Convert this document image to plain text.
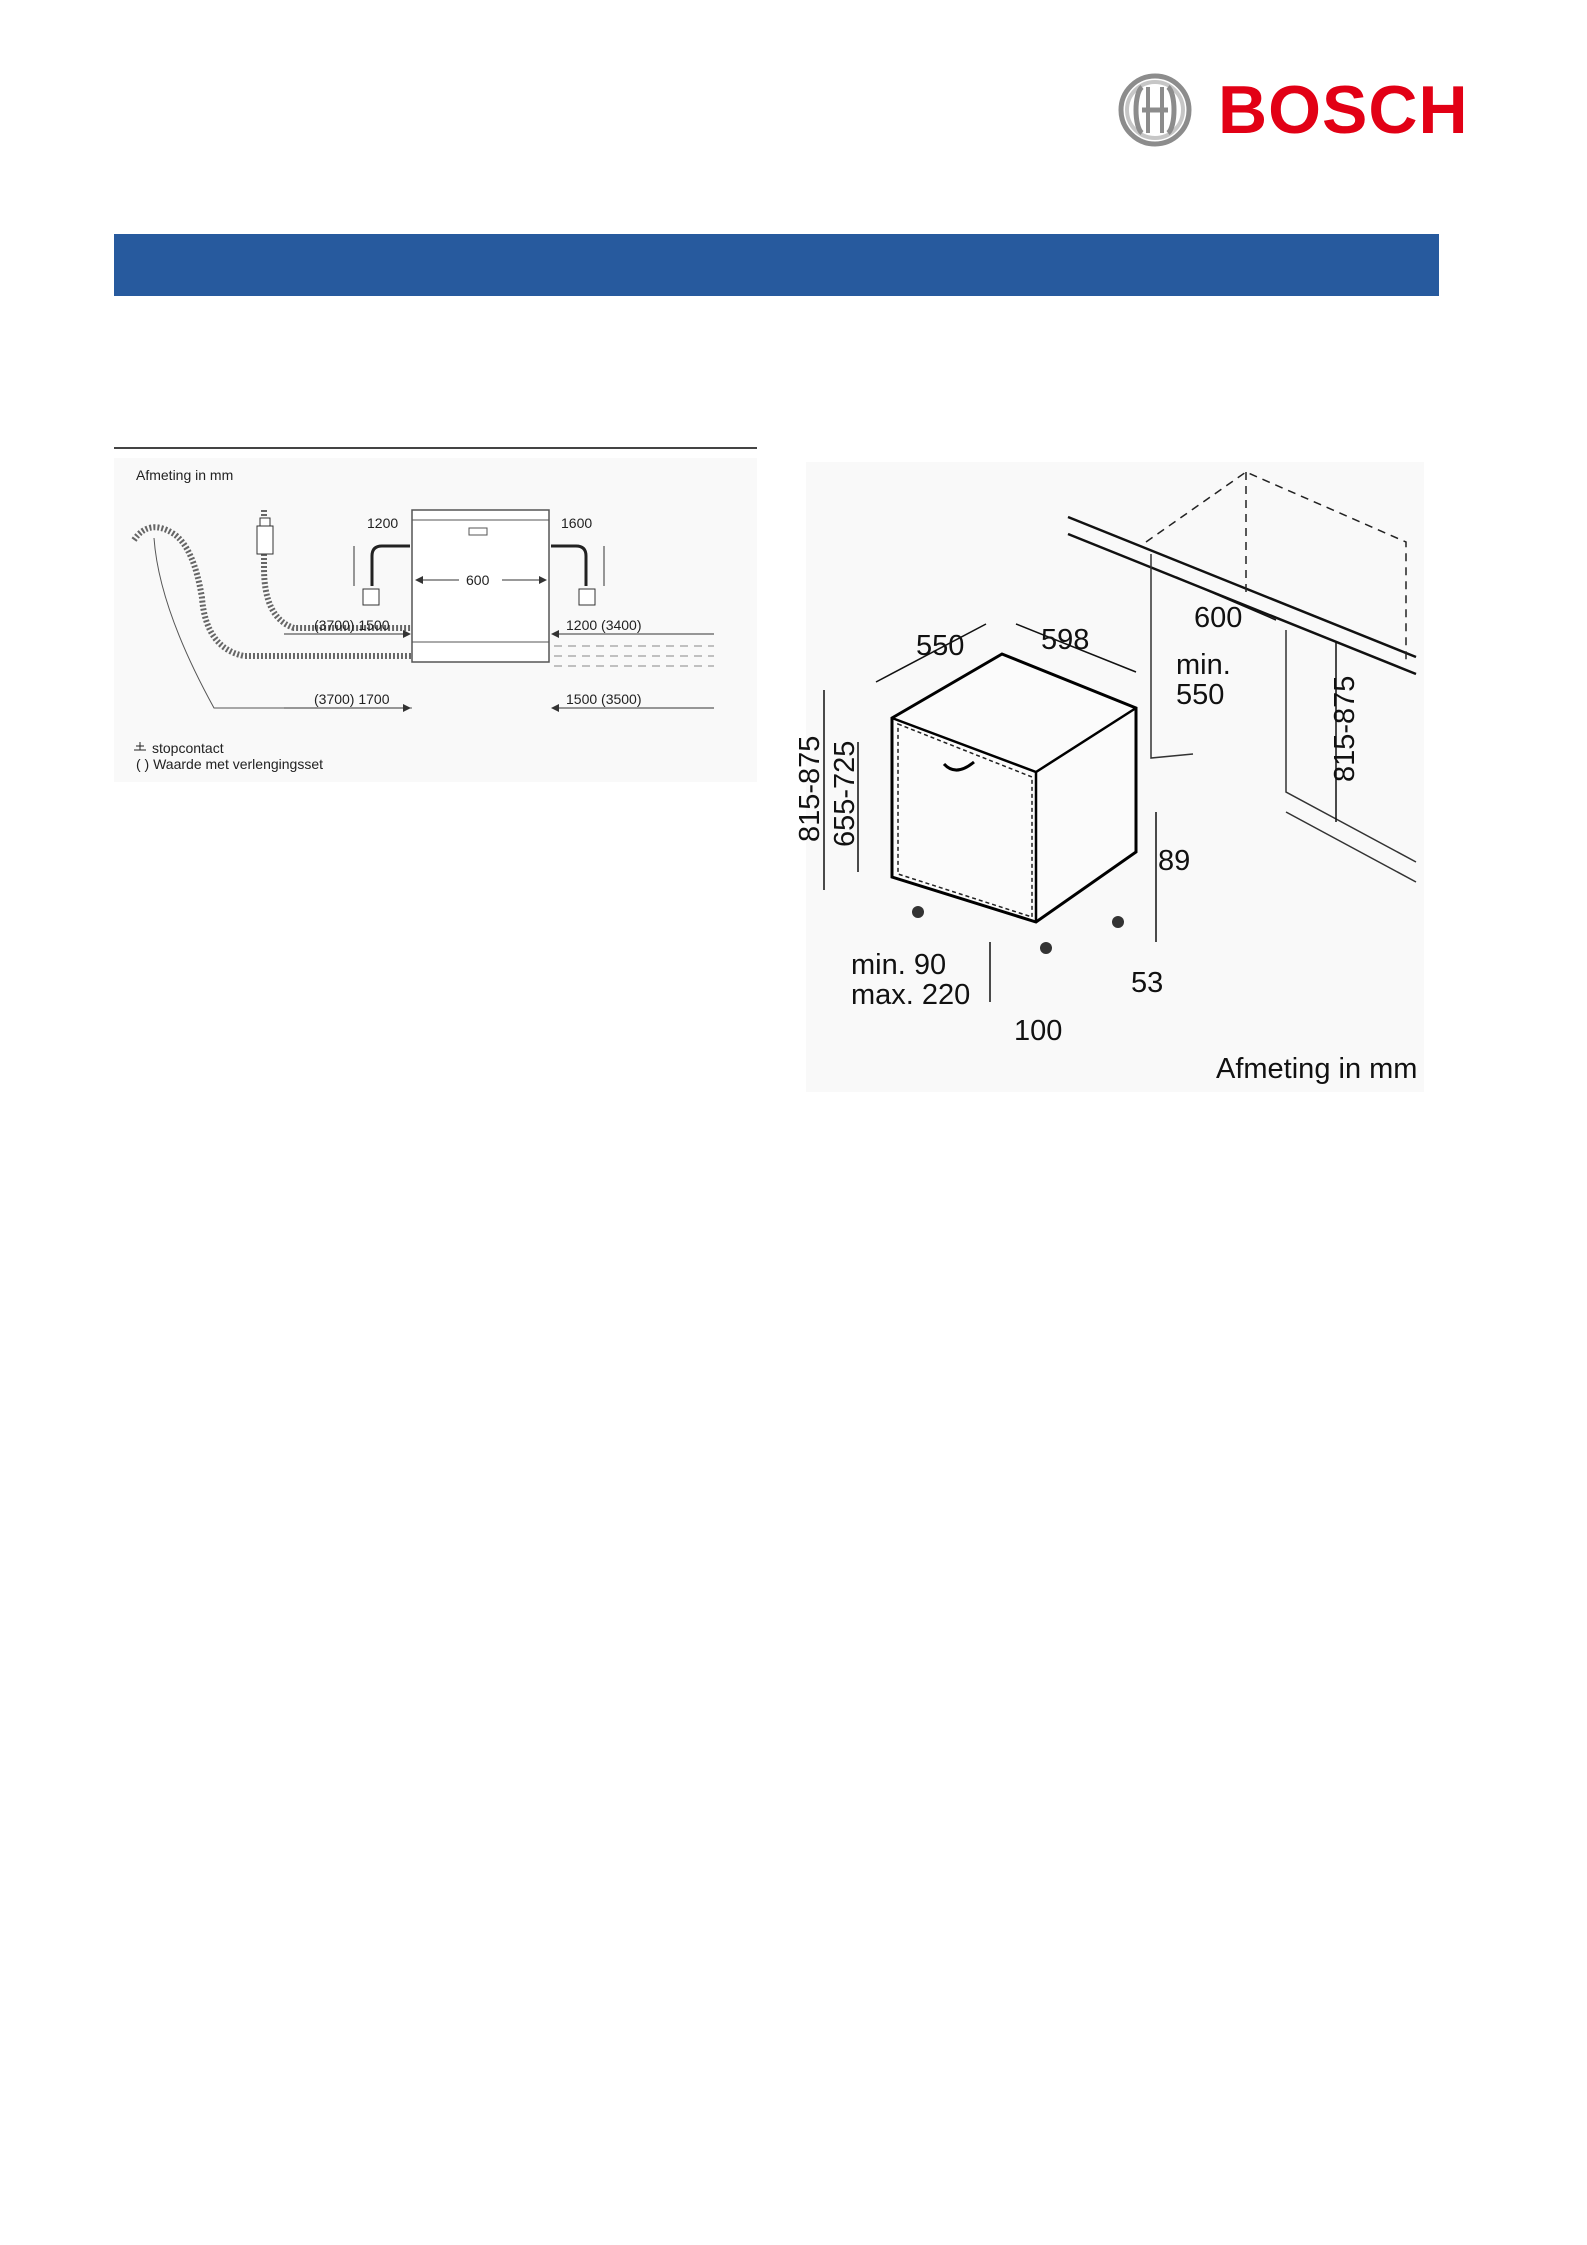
BOSCH
Afmeting in mm
600
1200	1600
(3700) 1500
(3700) 1700
1200 (3400)
1500 (3500)
stopcontact
( ) Waarde met verlengingsset
550	598
600
min.
550	815-875
815-875 655-725
89
53
min. 90
max. 220
100
Afmeting in mm
